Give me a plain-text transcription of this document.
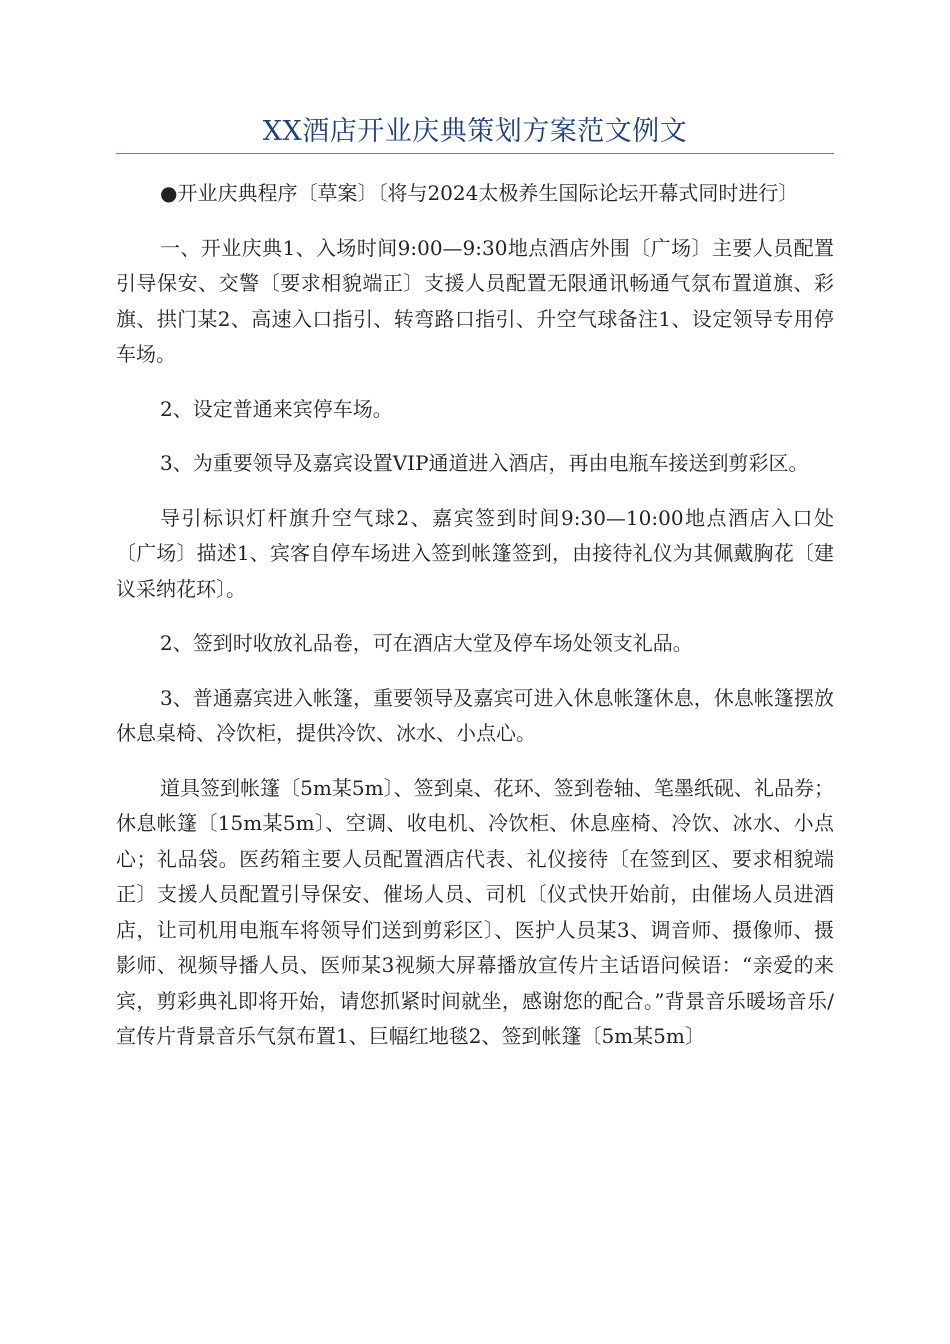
XX酒店开业庆典策划方案范文例文

●开业庆典程序〔草案〕〔将与2024太极养生国际论坛开幕式同时进行〕

一、开业庆典1、入场时间9:00—9:30地点酒店外围〔广场〕主要人员配置引导保安、交警〔要求相貌端正〕支援人员配置无限通讯畅通气氛布置道旗、彩旗、拱门某2、高速入口指引、转弯路口指引、升空气球备注1、设定领导专用停车场。

2、设定普通来宾停车场。

3、为重要领导及嘉宾设置VIP通道进入酒店，再由电瓶车接送到剪彩区。

导引标识灯杆旗升空气球2、嘉宾签到时间9:30—10:00地点酒店入口处〔广场〕描述1、宾客自停车场进入签到帐篷签到，由接待礼仪为其佩戴胸花〔建议采纳花环〕。

2、签到时收放礼品卷，可在酒店大堂及停车场处领支礼品。

3、普通嘉宾进入帐篷，重要领导及嘉宾可进入休息帐篷休息，休息帐篷摆放休息桌椅、冷饮柜，提供冷饮、冰水、小点心。

道具签到帐篷〔5m某5m〕、签到桌、花环、签到卷轴、笔墨纸砚、礼品券；休息帐篷〔15m某5m〕、空调、收电机、冷饮柜、休息座椅、冷饮、冰水、小点心；礼品袋。医药箱主要人员配置酒店代表、礼仪接待〔在签到区、要求相貌端正〕支援人员配置引导保安、催场人员、司机〔仪式快开始前，由催场人员进酒店，让司机用电瓶车将领导们送到剪彩区〕、医护人员某3、调音师、摄像师、摄影师、视频导播人员、医师某3视频大屏幕播放宣传片主话语问候语：“亲爱的来宾，剪彩典礼即将开始，请您抓紧时间就坐，感谢您的配合。”背景音乐暖场音乐/宣传片背景音乐气氛布置1、巨幅红地毯2、签到帐篷〔5m某5m〕
